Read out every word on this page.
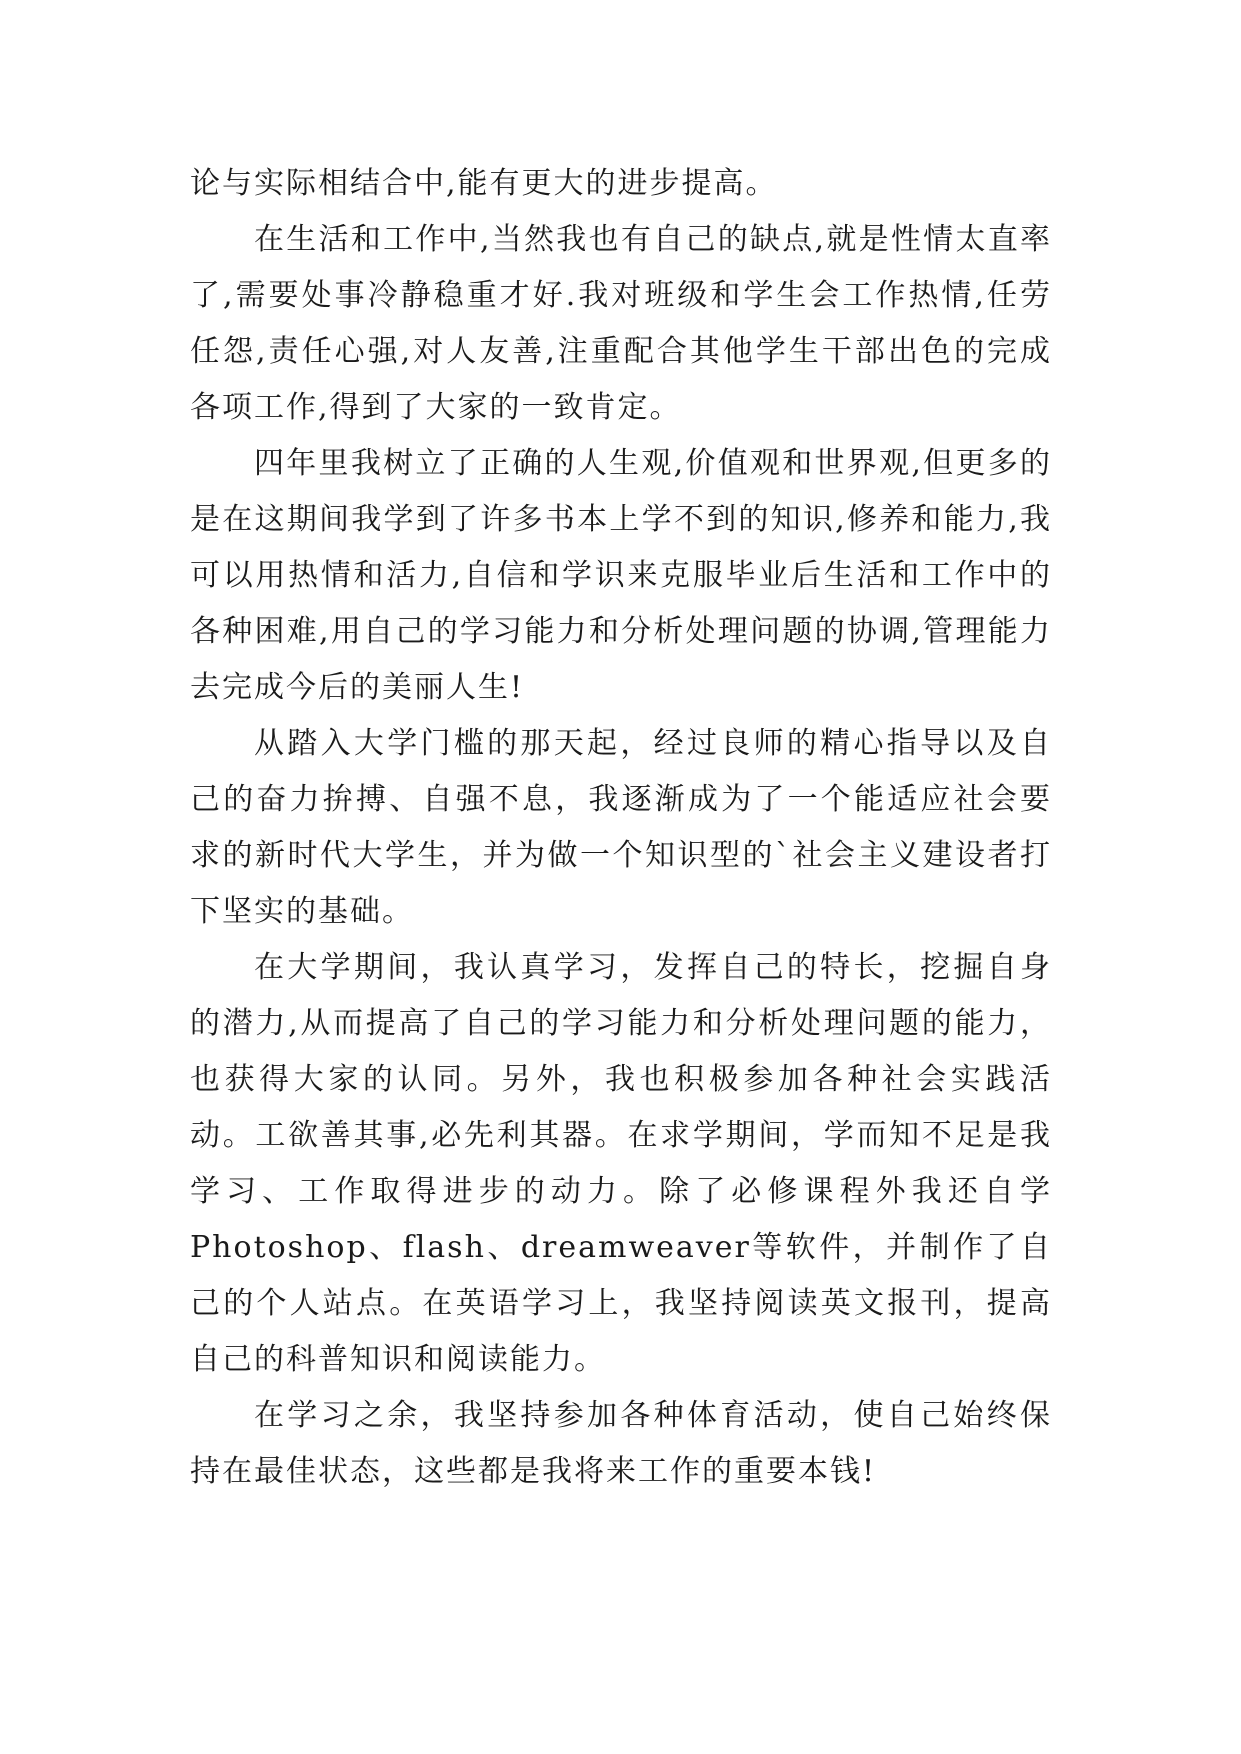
论与实际相结合中,能有更大的进步提高。

在生活和工作中,当然我也有自己的缺点,就是性情太直率了,需要处事冷静稳重才好.我对班级和学生会工作热情,任劳任怨,责任心强,对人友善,注重配合其他学生干部出色的完成各项工作,得到了大家的一致肯定。

四年里我树立了正确的人生观,价值观和世界观,但更多的是在这期间我学到了许多书本上学不到的知识,修养和能力,我可以用热情和活力,自信和学识来克服毕业后生活和工作中的各种困难,用自己的学习能力和分析处理问题的协调,管理能力去完成今后的美丽人生!

从踏入大学门槛的那天起，经过良师的精心指导以及自己的奋力拚搏、自强不息，我逐渐成为了一个能适应社会要求的新时代大学生，并为做一个知识型的`社会主义建设者打下坚实的基础。

在大学期间，我认真学习，发挥自己的特长，挖掘自身的潜力,从而提高了自己的学习能力和分析处理问题的能力，也获得大家的认同。另外，我也积极参加各种社会实践活动。工欲善其事,必先利其器。在求学期间，学而知不足是我学习、工作取得进步的动力。除了必修课程外我还自学Photoshop、flash、dreamweaver等软件，并制作了自己的个人站点。在英语学习上，我坚持阅读英文报刊，提高自己的科普知识和阅读能力。

在学习之余，我坚持参加各种体育活动，使自己始终保持在最佳状态，这些都是我将来工作的重要本钱!
